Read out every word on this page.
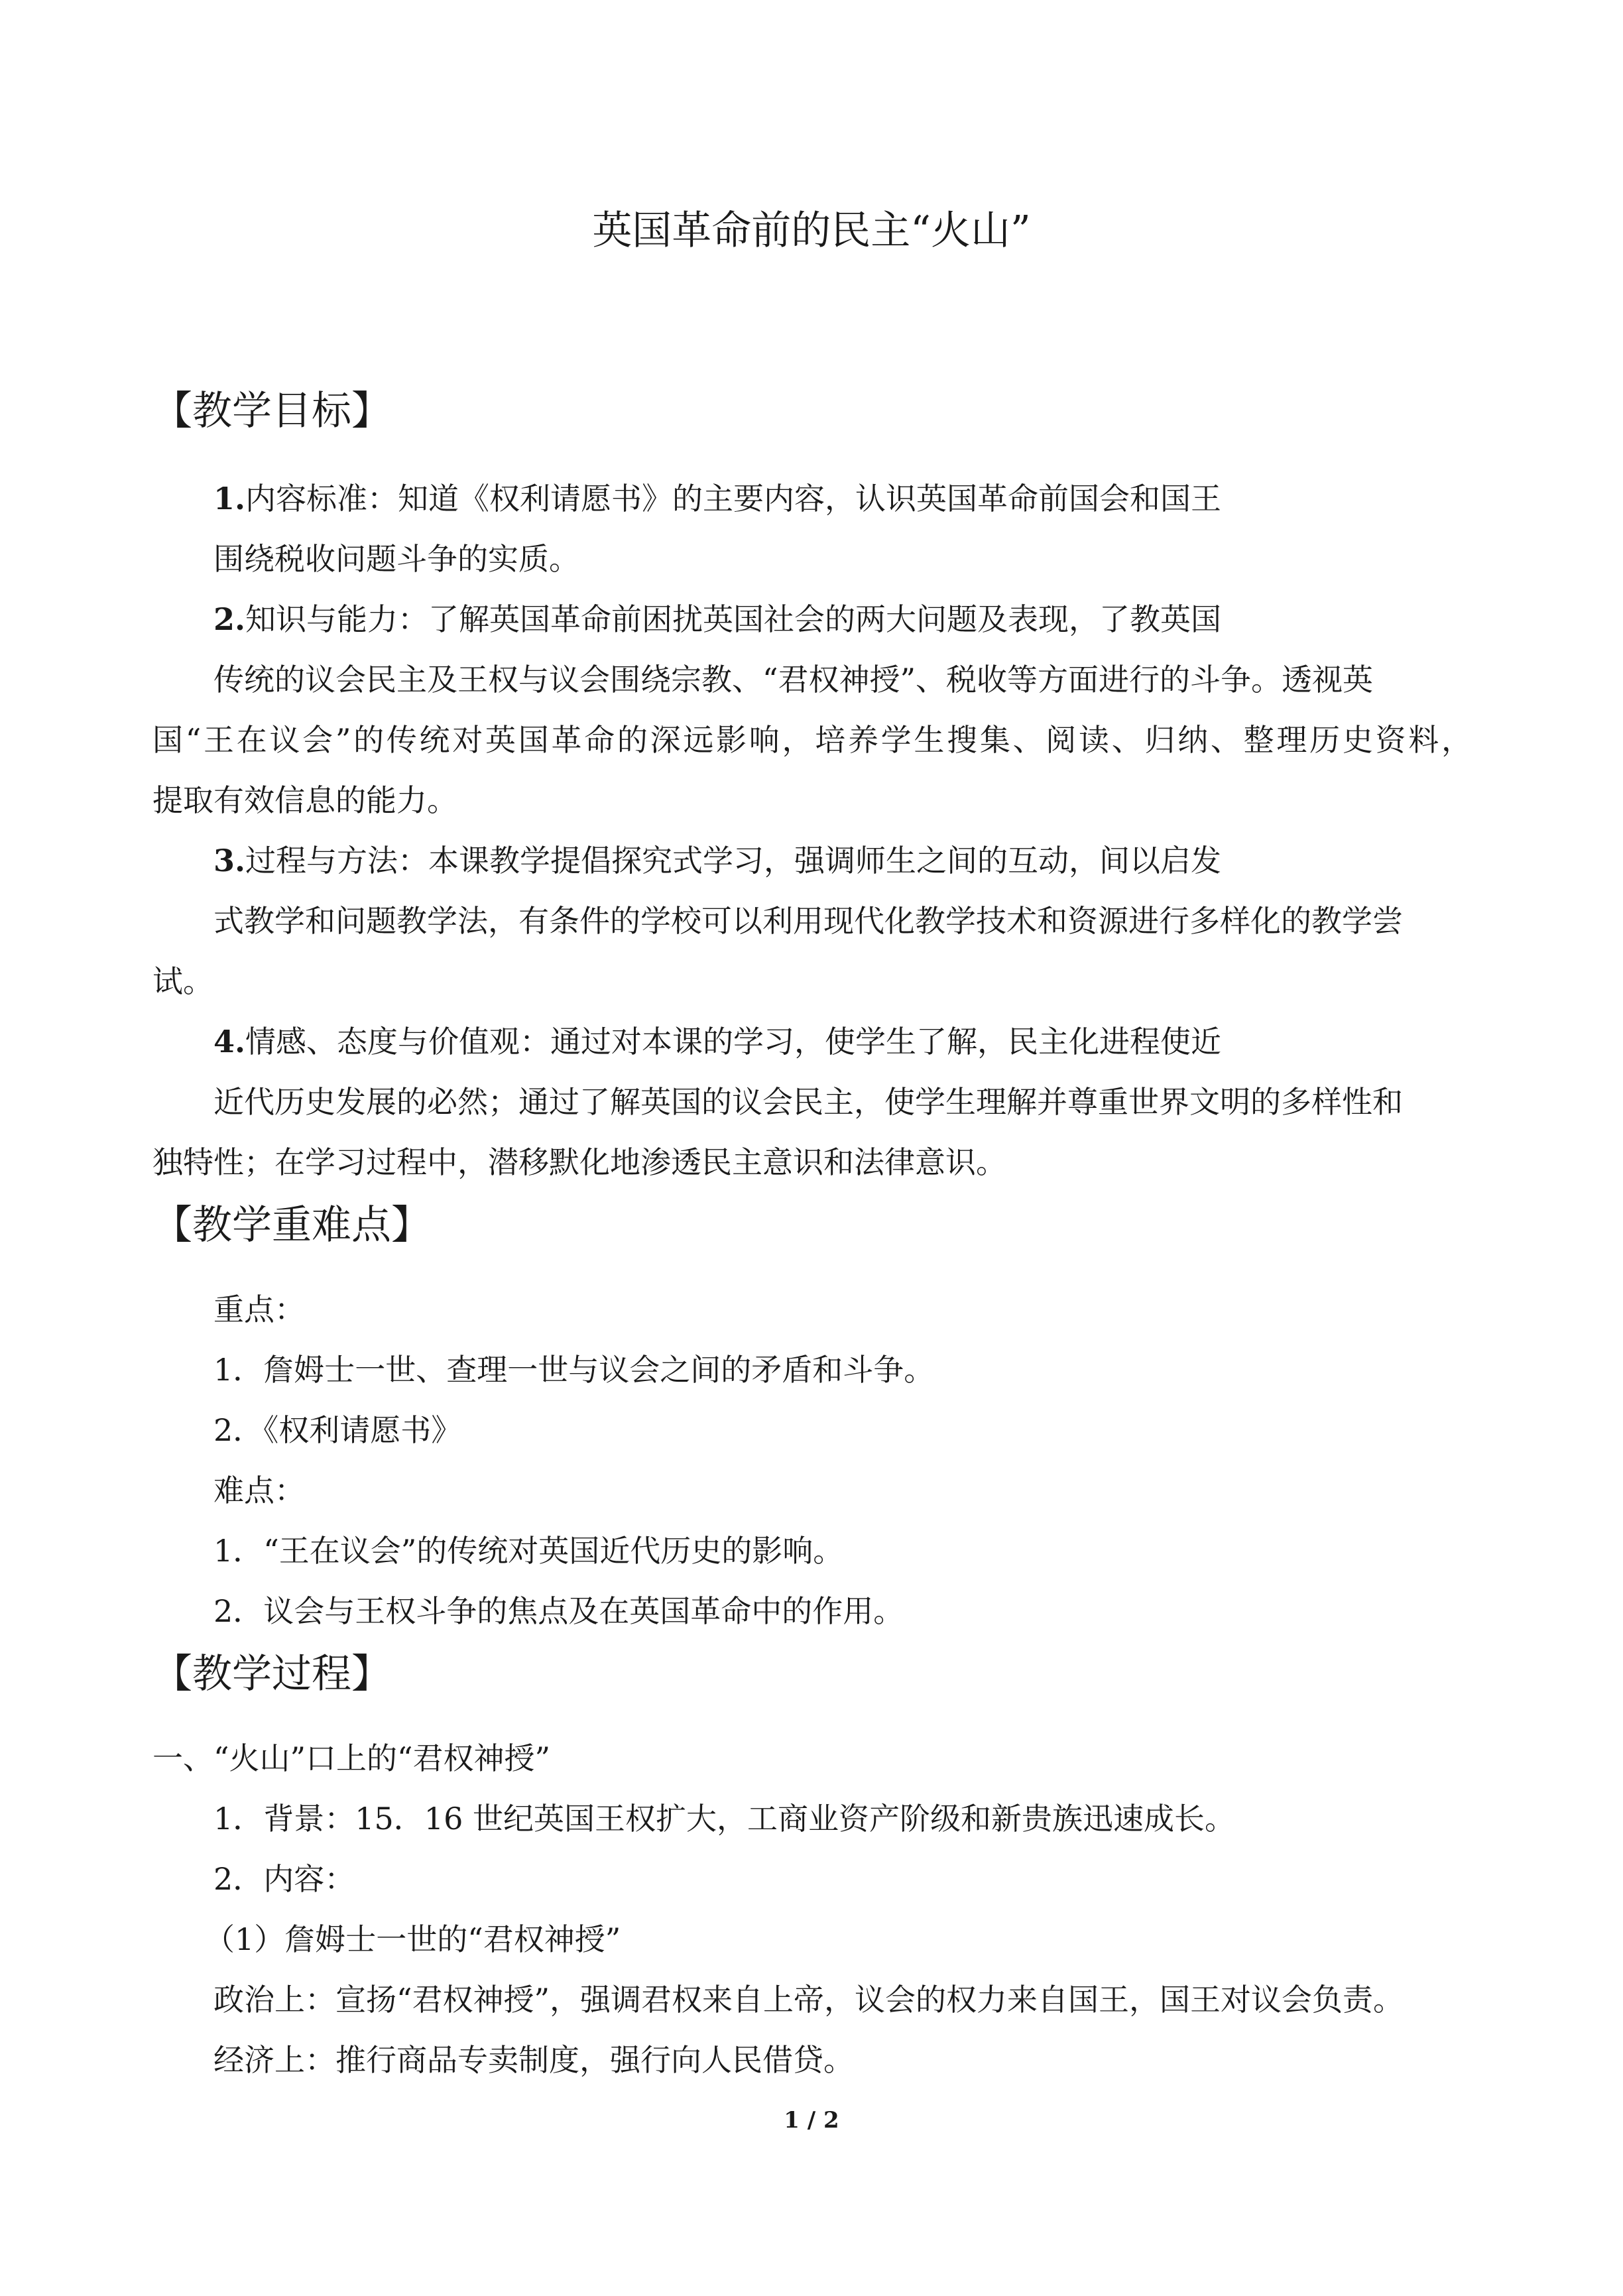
英国革命前的民主“火山”
【教学目标】
1.内容标准：知道《权利请愿书》的主要内容，认识英国革命前国会和国王
围绕税收问题斗争的实质。
2.知识与能力：了解英国革命前困扰英国社会的两大问题及表现，了教英国
传统的议会民主及王权与议会围绕宗教、“君权神授”、税收等方面进行的斗争。透视英
国“王在议会”的传统对英国革命的深远影响，培养学生搜集、阅读、归纳、整理历史资料，
提取有效信息的能力。
3.过程与方法：本课教学提倡探究式学习，强调师生之间的互动，间以启发
式教学和问题教学法，有条件的学校可以利用现代化教学技术和资源进行多样化的教学尝
试。
4.情感、态度与价值观：通过对本课的学习，使学生了解，民主化进程使近
近代历史发展的必然；通过了解英国的议会民主，使学生理解并尊重世界文明的多样性和
独特性；在学习过程中，潜移默化地渗透民主意识和法律意识。
【教学重难点】
重点：
1．詹姆士一世、查理一世与议会之间的矛盾和斗争。
2．《权利请愿书》
难点：
1．“王在议会”的传统对英国近代历史的影响。
2．议会与王权斗争的焦点及在英国革命中的作用。
【教学过程】
一、“火山”口上的“君权神授”
1．背景：15．16 世纪英国王权扩大，工商业资产阶级和新贵族迅速成长。
2．内容：
（1）詹姆士一世的“君权神授”
政治上：宣扬“君权神授”，强调君权来自上帝，议会的权力来自国王，国王对议会负责。
经济上：推行商品专卖制度，强行向人民借贷。
1 / 2
